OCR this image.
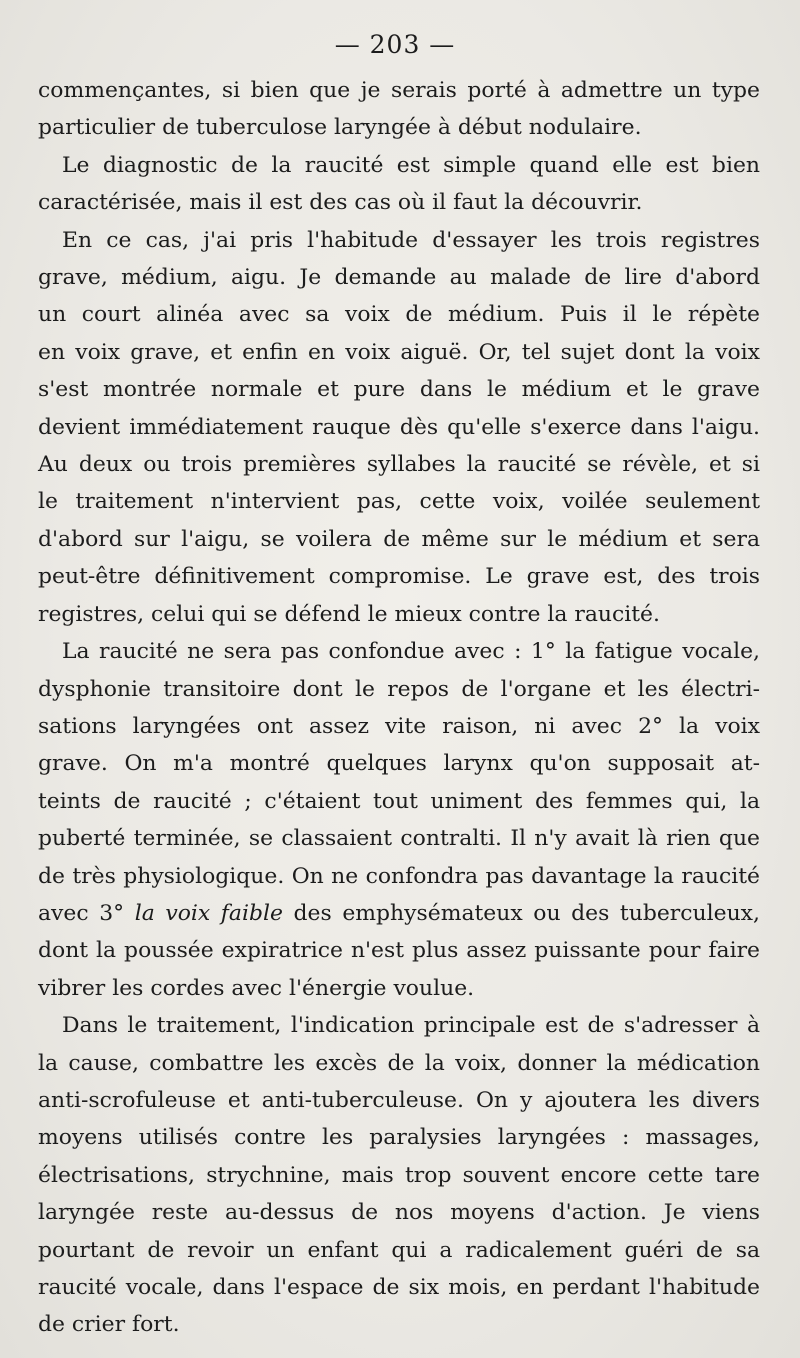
— 203 —
commençantes, si bien que je serais porté à admettre un type
particulier de tuberculose laryngée à début nodulaire.
Le diagnostic de la raucité est simple quand elle est bien
caractérisée, mais il est des cas où il faut la découvrir.
En ce cas, j'ai pris l'habitude d'essayer les trois registres
grave, médium, aigu. Je demande au malade de lire d'abord
un court alinéa avec sa voix de médium. Puis il le répète
en voix grave, et enfin en voix aiguë. Or, tel sujet dont la voix
s'est montrée normale et pure dans le médium et le grave
devient immédiatement rauque dès qu'elle s'exerce dans l'aigu.
Au deux ou trois premières syllabes la raucité se révèle, et si
le traitement n'intervient pas, cette voix, voilée seulement
d'abord sur l'aigu, se voilera de même sur le médium et sera
peut-être définitivement compromise. Le grave est, des trois
registres, celui qui se défend le mieux contre la raucité.
La raucité ne sera pas confondue avec : 1° la fatigue vocale,
dysphonie transitoire dont le repos de l'organe et les électri-
sations laryngées ont assez vite raison, ni avec 2° la voix
grave. On m'a montré quelques larynx qu'on supposait at-
teints de raucité ; c'étaient tout uniment des femmes qui, la
puberté terminée, se classaient contralti. Il n'y avait là rien que
de très physiologique. On ne confondra pas davantage la raucité
avec 3° la voix faible des emphysémateux ou des tuberculeux,
dont la poussée expiratrice n'est plus assez puissante pour faire
vibrer les cordes avec l'énergie voulue.
Dans le traitement, l'indication principale est de s'adresser à
la cause, combattre les excès de la voix, donner la médication
anti-scrofuleuse et anti-tuberculeuse. On y ajoutera les divers
moyens utilisés contre les paralysies laryngées : massages,
électrisations, strychnine, mais trop souvent encore cette tare
laryngée reste au-dessus de nos moyens d'action. Je viens
pourtant de revoir un enfant qui a radicalement guéri de sa
raucité vocale, dans l'espace de six mois, en perdant l'habitude
de crier fort.
